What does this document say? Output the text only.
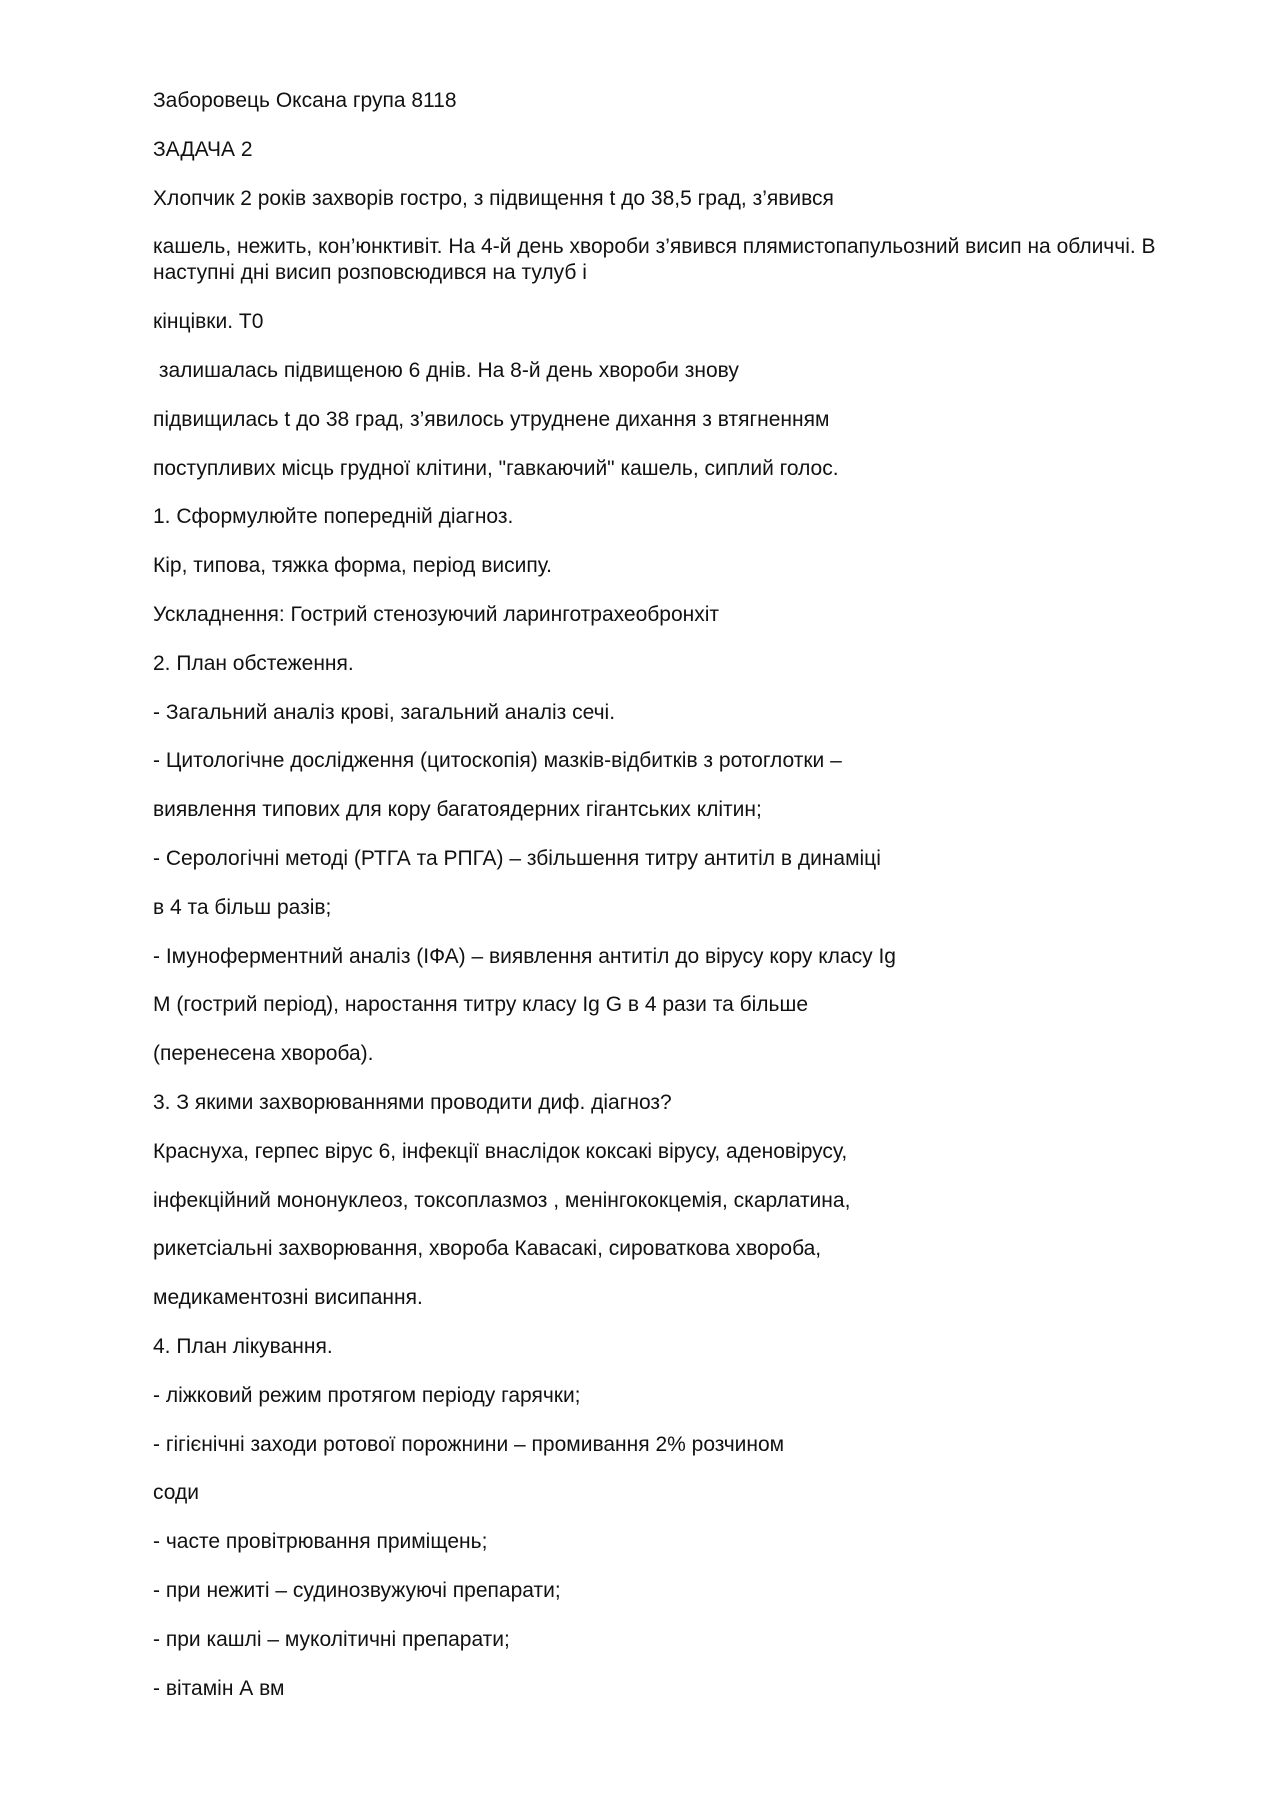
Заборовець Оксана група 8118
ЗАДАЧА 2
Хлопчик 2 років захворів гостро, з підвищення t до 38,5 град, з’явився
кашель, нежить, кон’юнктивіт. На 4-й день хвороби з’явився плямистопапульозний висип на обличчі. В наступні дні висип розповсюдився на тулуб і
кінцівки. Т0
залишалась підвищеною 6 днів. На 8-й день хвороби знову
підвищилась t до 38 град, з’явилось утруднене дихання з втягненням
поступливих місць грудної клітини, "гавкаючий" кашель, сиплий голос.
1. Сформулюйте попередній діагноз.
Кір, типова, тяжка форма, період висипу.
Ускладнення: Гострий стенозуючий ларинготрахеобронхіт
2. План обстеження.
- Загальний аналіз крові, загальний аналіз сечі.
- Цитологічне дослідження (цитоскопія) мазків-відбитків з ротоглотки –
виявлення типових для кору багатоядерних гігантських клітин;
- Серологічні методі (РТГА та РПГА) – збільшення титру антитіл в динаміці
в 4 та більш разів;
- Імуноферментний аналіз (ІФА) – виявлення антитіл до вірусу кору класу Ig
M (гострий період), наростання титру класу Ig G в 4 рази та більше
(перенесена хвороба).
3. З якими захворюваннями проводити диф. діагноз?
Краснуха, герпес вірус 6, інфекції внаслідок коксакі вірусу, аденовірусу,
інфекційний мононуклеоз, токсоплазмоз , менінгококцемія, скарлатина,
рикетсіальні захворювання, хвороба Кавасакі, сироваткова хвороба,
медикаментозні висипання.
4. План лікування.
- ліжковий режим протягом періоду гарячки;
- гігієнічні заходи ротової порожнини – промивання 2% розчином
соди
- часте провітрювання приміщень;
- при нежиті – судинозвужуючі препарати;
- при кашлі – муколітичні препарати;
- вітамін А вм
